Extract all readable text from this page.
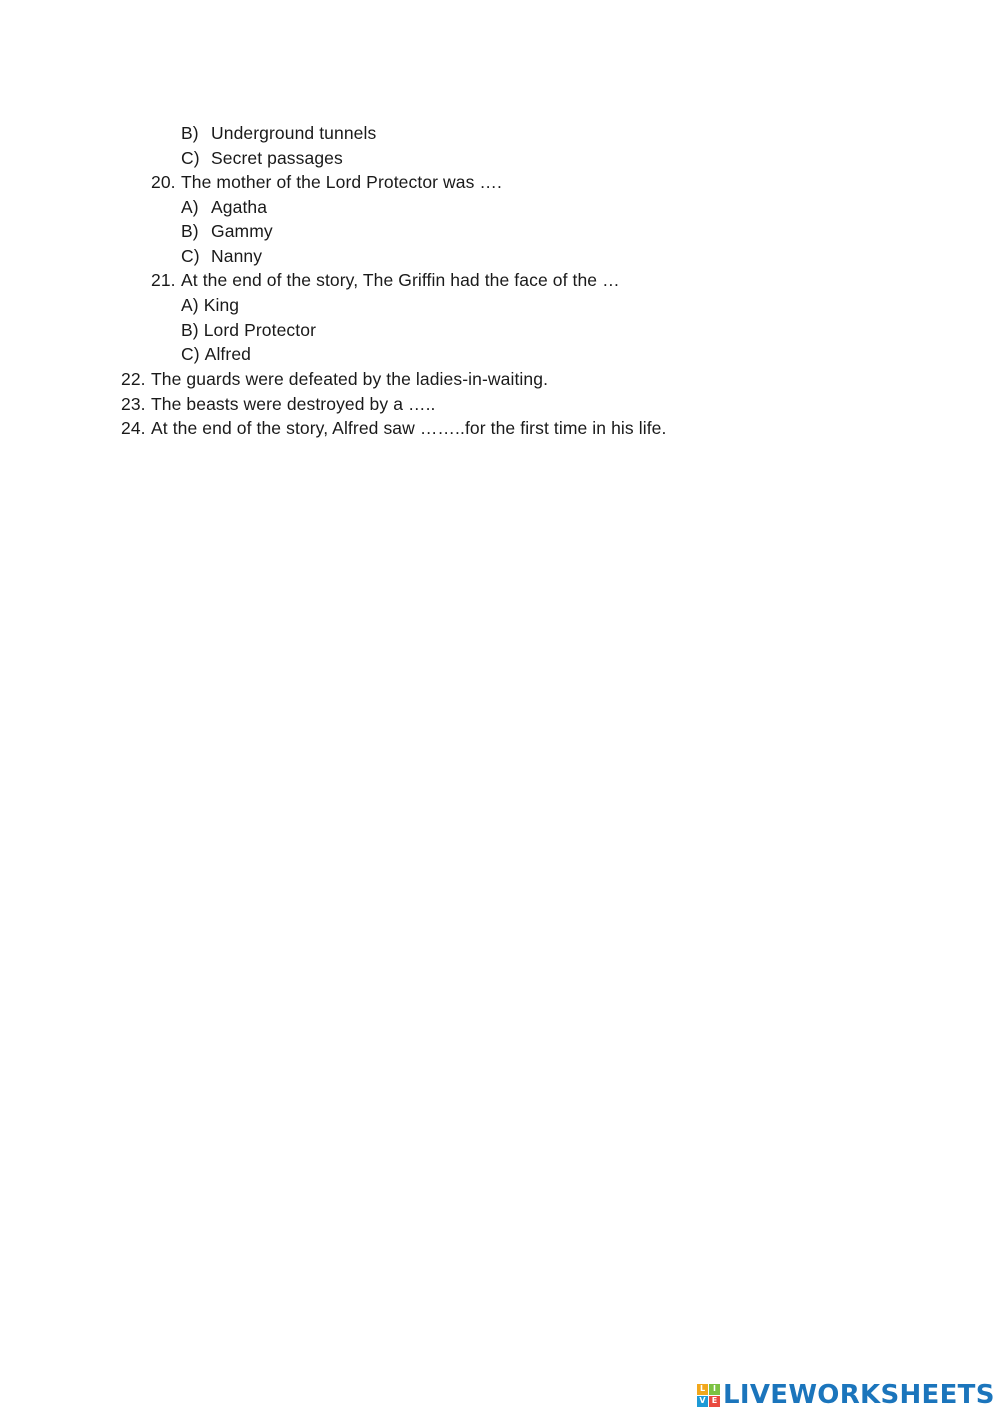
B) Underground tunnels
C) Secret passages
20. The mother of the Lord Protector was ….
A) Agatha
B) Gammy
C) Nanny
21. At the end of the story, The Griffin had the face of the …
A) King
B) Lord Protector
C) Alfred
22. The guards were defeated by the ladies-in-waiting.
23. The beasts were destroyed by a …..
24. At the end of the story, Alfred saw ……..for the first time in his life.
L I
V E LIVEWORKSHEETS
